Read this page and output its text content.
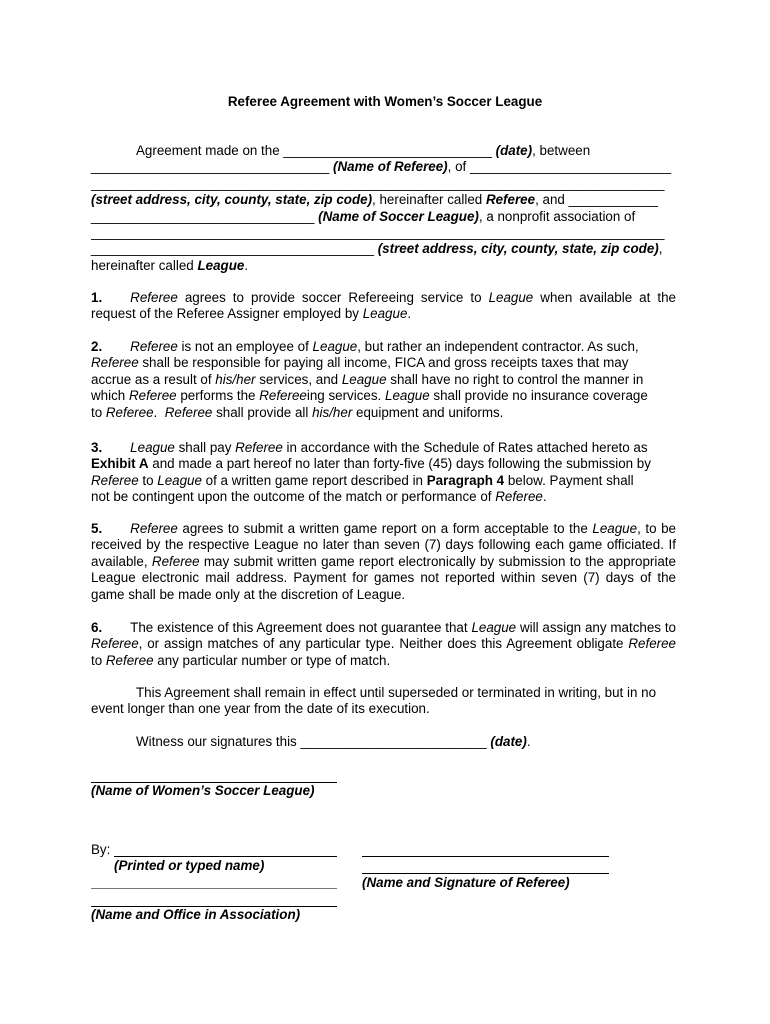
Referee Agreement with Women’s Soccer League
Agreement made on the ____________________________ (date), between
________________________________ (Name of Referee), of ___________________________
_____________________________________________________________________________
(street address, city, county, state, zip code), hereinafter called Referee, and ____________
______________________________ (Name of Soccer League), a nonprofit association of
_____________________________________________________________________________
______________________________________ (street address, city, county, state, zip code),
hereinafter called League.
1. Referee agrees to provide soccer Refereeing service to League when available at the request of the Referee Assigner employed by League.
2. Referee is not an employee of League, but rather an independent contractor. As such,
Referee shall be responsible for paying all income, FICA and gross receipts taxes that may
accrue as a result of his/her services, and League shall have no right to control the manner in
which Referee performs the Refereeing services. League shall provide no insurance coverage
to Referee.  Referee shall provide all his/her equipment and uniforms.
3. League shall pay Referee in accordance with the Schedule of Rates attached hereto as
Exhibit A and made a part hereof no later than forty-five (45) days following the submission by
Referee to League of a written game report described in Paragraph 4 below. Payment shall
not be contingent upon the outcome of the match or performance of Referee.
5. Referee agrees to submit a written game report on a form acceptable to the League, to be received by the respective League no later than seven (7) days following each game officiated. If available, Referee may submit written game report electronically by submission to the appropriate League electronic mail address. Payment for games not reported within seven (7) days of the game shall be made only at the discretion of League.
6. The existence of this Agreement does not guarantee that League will assign any matches to Referee, or assign matches of any particular type. Neither does this Agreement obligate Referee to Referee any particular number or type of match.
This Agreement shall remain in effect until superseded or terminated in writing, but in no
event longer than one year from the date of its execution.
Witness our signatures this _________________________ (date).
(Name of Women’s Soccer League)
By:
(Printed or typed name)
(Name and Signature of Referee)
(Name and Office in Association)
